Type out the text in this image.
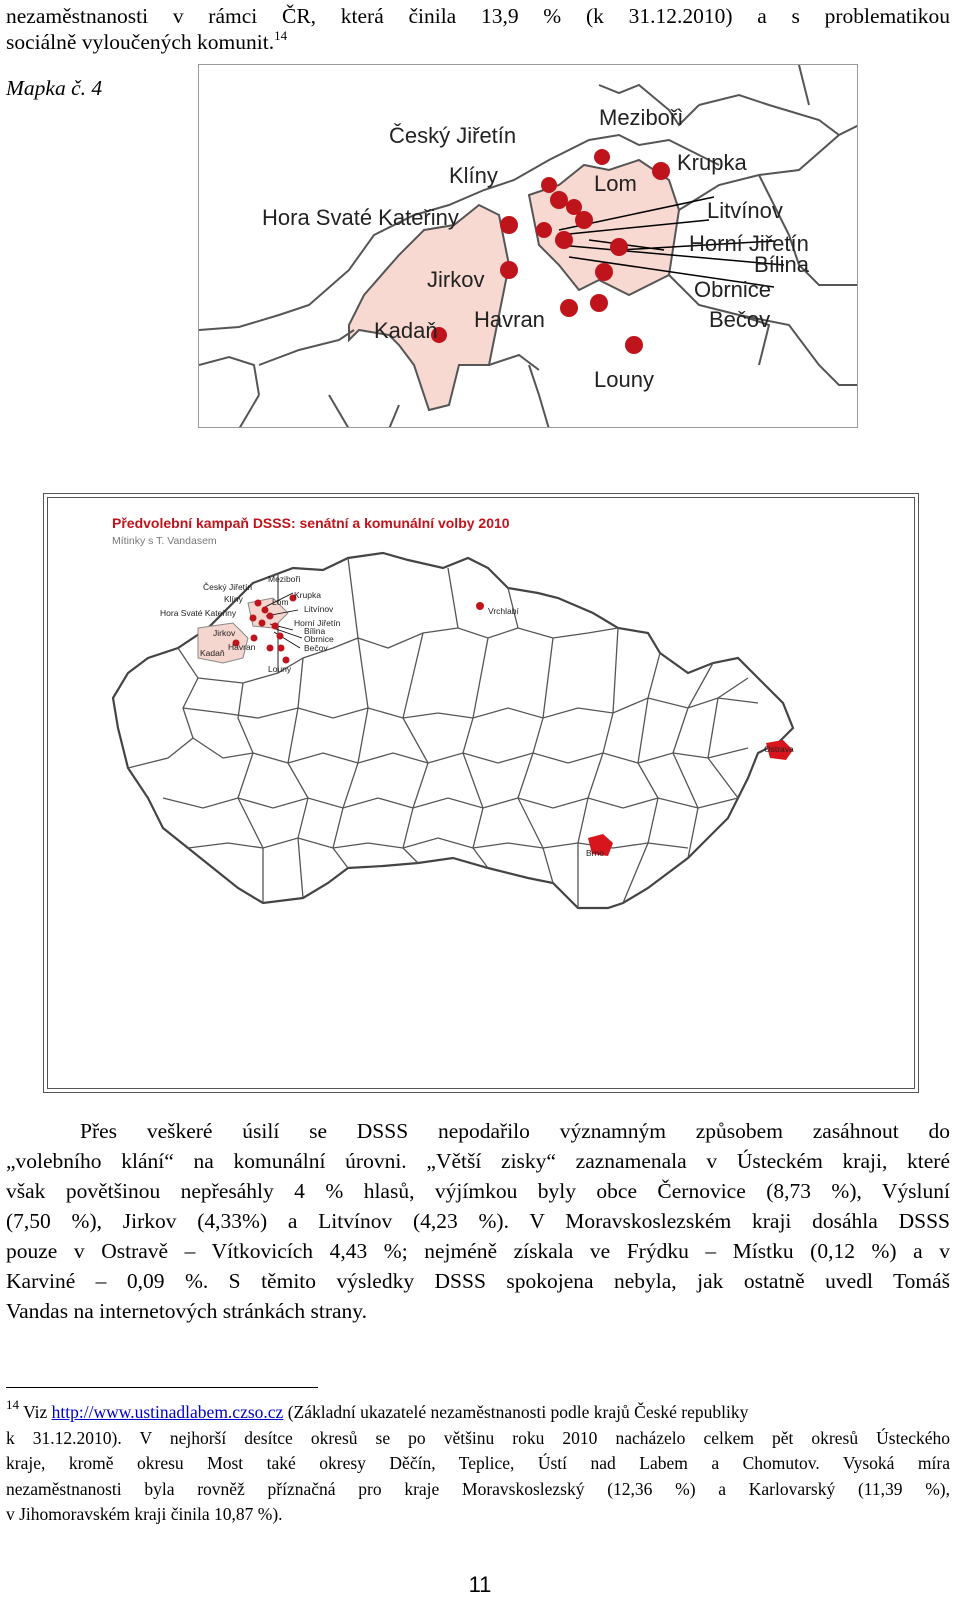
nezaměstnanosti v rámci ČR, která činila 13,9 % (k 31.12.2010) a s problematikou
sociálně vyloučených komunit.$^{14}$
Mapka č. 4
Mezibořì
Český Jiřetín
Krupka
Klíny	Lom
Hora Svaté Kateřiny	Litvínov
Horní Jiřetín
Bílina
Jirkov	Obrnice
Kadaň Havran	Bečov
Louny
Předvolební kampaň DSSS: senátní a komunální volby 2010
Mítinky s T. Vandasem
Český Jiřetín
Mezibořì
Klíny	Krupka
Lom
Hora Svaté Kateřiny	Litvínov
Jirkov
Horní Jiřetín
Bílina
Obrnice
Kadaň
Havran	Bečov
Louny
Vrchlabí
Ostrava
Brno
Přes veškeré úsilí se DSSS nepodařilo významným způsobem zasáhnout do
„volebního klání“ na komunální úrovni. „Větší zisky“ zaznamenala v Ústeckém kraji, které
však povětšinou nepřesáhly 4 % hlasů, výjímkou byly obce Černovice (8,73 %), Výsluní
(7,50 %), Jirkov (4,33%) a Litvínov (4,23 %). V Moravskoslezském kraji dosáhla DSSS
pouze v Ostravě – Vítkovicích 4,43 %; nejméně získala ve Frýdku – Místku (0,12 %) a v
Karviné – 0,09 %. S těmito výsledky DSSS spokojena nebyla, jak ostatně uvedl Tomáš
Vandas na internetových stránkách strany.
$^{14}$ Viz http://www.ustinadlabem.czso.cz (Základní ukazatelé nezaměstnanosti podle krajů České republiky
k 31.12.2010). V nejhorší desítce okresů se po většinu roku 2010 nacházelo celkem pět okresů Ústeckého
kraje, kromě okresu Most také okresy Děčín, Teplice, Ústí nad Labem a Chomutov. Vysoká míra
nezaměstnanosti byla rovněž příznačná pro kraje Moravskoslezský (12,36 %) a Karlovarský (11,39 %),
v Jihomoravském kraji činila 10,87 %).
11
